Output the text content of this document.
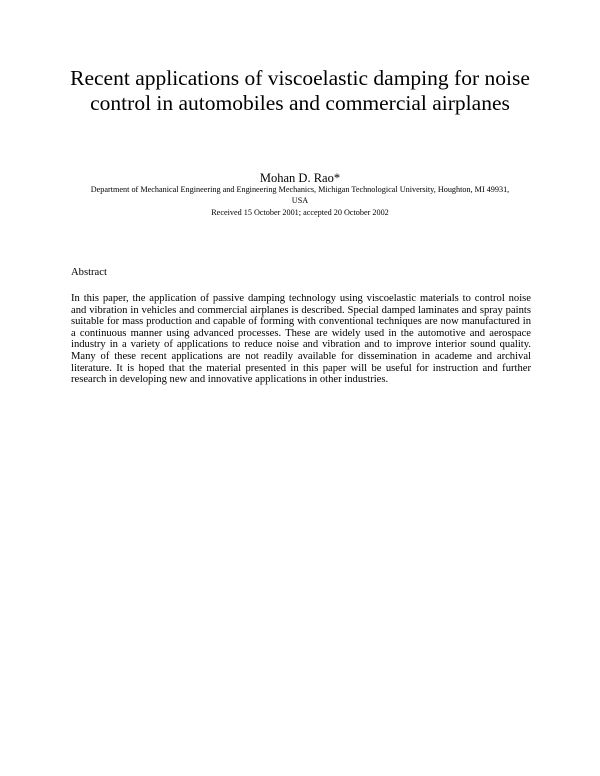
Recent applications of viscoelastic damping for noise control in automobiles and commercial airplanes

Mohan D. Rao*

Department of Mechanical Engineering and Engineering Mechanics, Michigan Technological University, Houghton, MI 49931, USA

Received 15 October 2001; accepted 20 October 2002

Abstract

In this paper, the application of passive damping technology using viscoelastic materials to control noise and vibration in vehicles and commercial airplanes is described. Special damped laminates and spray paints suitable for mass production and capable of forming with conventional techniques are now manufactured in a continuous manner using advanced processes. These are widely used in the automotive and aerospace industry in a variety of applications to reduce noise and vibration and to improve interior sound quality. Many of these recent applications are not readily available for dissemination in academe and archival literature. It is hoped that the material presented in this paper will be useful for instruction and further research in developing new and innovative applications in other industries.
